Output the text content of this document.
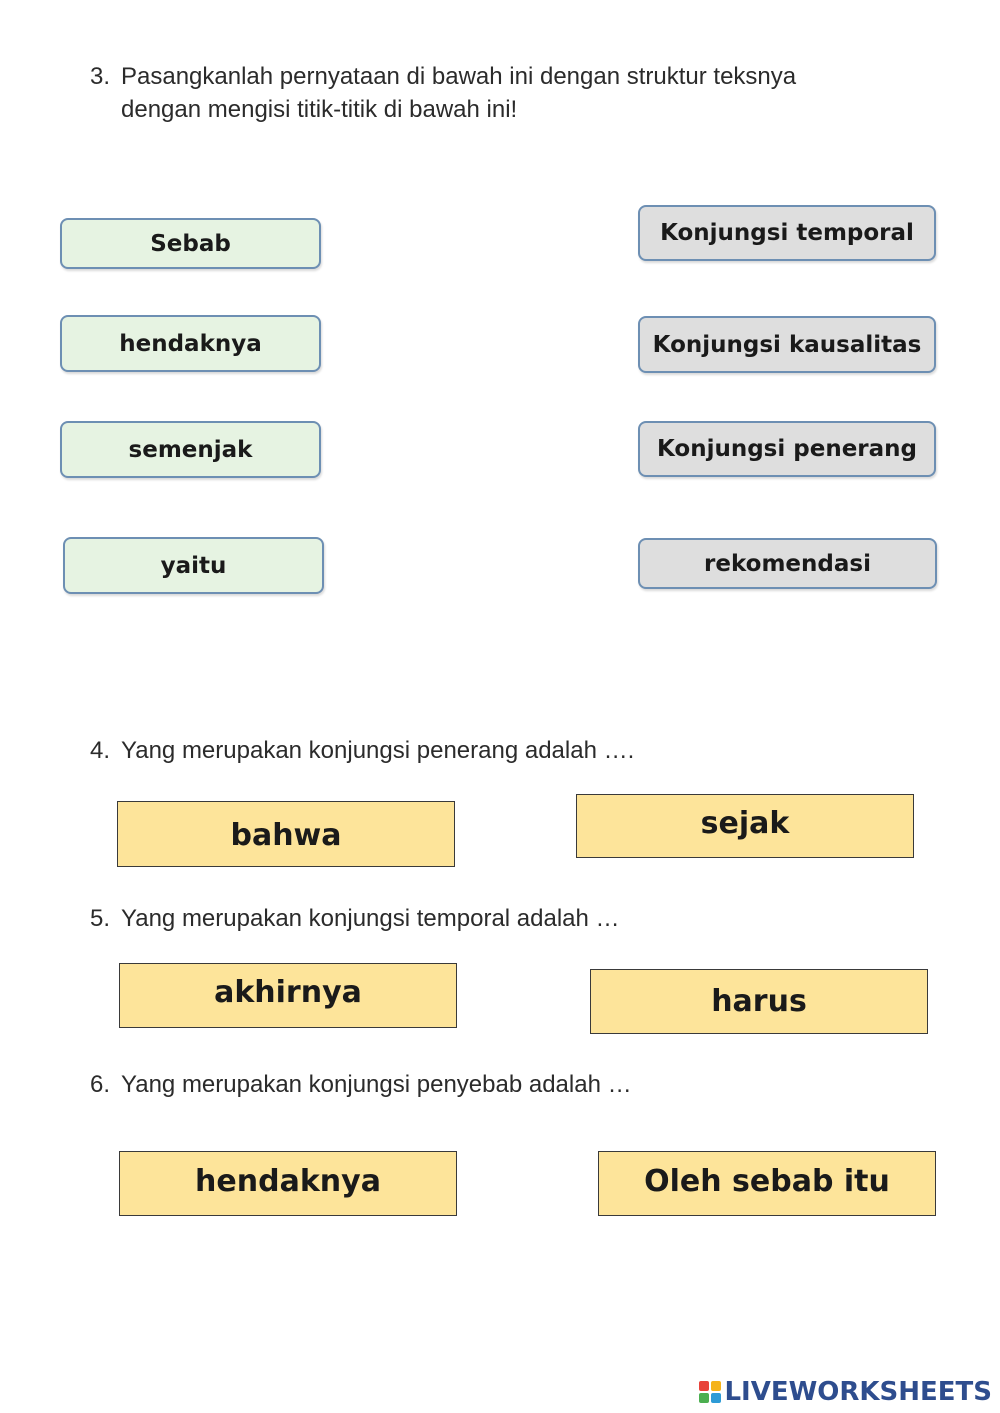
3. Pasangkanlah pernyataan di bawah ini dengan struktur teksnya
dengan mengisi titik-titik di bawah ini!
Sebab
hendaknya
semenjak
yaitu
Konjungsi temporal
Konjungsi kausalitas
Konjungsi penerang
rekomendasi
4. Yang merupakan konjungsi penerang adalah ….
bahwa	sejak
5. Yang merupakan konjungsi temporal adalah …
akhirnya	harus
6. Yang merupakan konjungsi penyebab adalah …
hendaknya	Oleh sebab itu
LIVEWORKSHEETS
